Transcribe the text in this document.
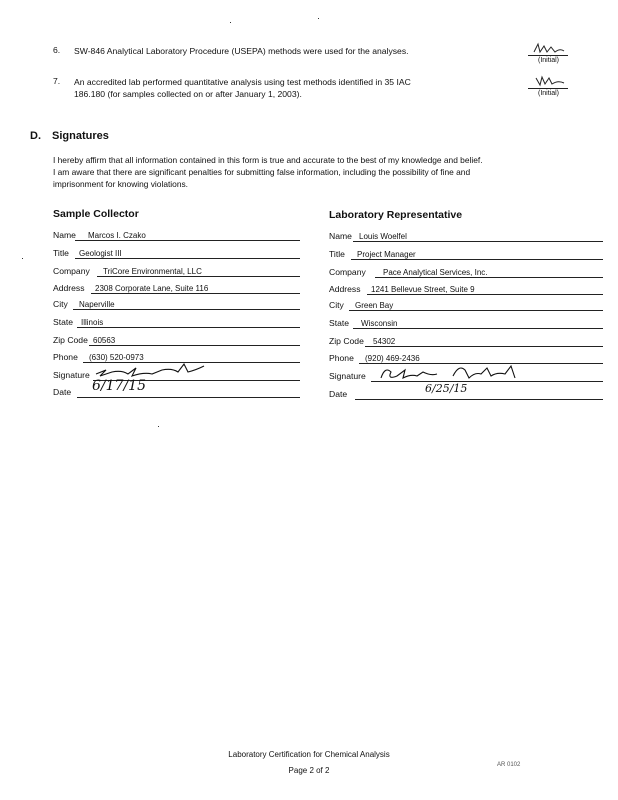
6. SW-846 Analytical Laboratory Procedure (USEPA) methods were used for the analyses.
(Initial)
7. An accredited lab performed quantitative analysis using test methods identified in 35 IAC
186.180 (for samples collected on or after January 1, 2003).	(Initial)
D. Signatures
I hereby affirm that all information contained in this form is true and accurate to the best of my knowledge and belief.
I am aware that there are significant penalties for submitting false information, including the possibility of fine and
imprisonment for knowing violations.
Sample Collector	Laboratory Representative
Name Marcos I. Czako
Title Geologist III
Company TriCore Environmental, LLC
Address 2308 Corporate Lane, Suite 116
City Naperville
State Illinois
Zip Code 60563
Phone (630) 520-0973
Signature
Date 6/17/15
Name Louis Woelfel
Title Project Manager
Company Pace Analytical Services, Inc.
Address 1241 Bellevue Street, Suite 9
City Green Bay
State Wisconsin
Zip Code 54302
Phone (920) 469-2436
Signature
Date	6/25/15
Laboratory Certification for Chemical Analysis
Page 2 of 2
AR 0102
